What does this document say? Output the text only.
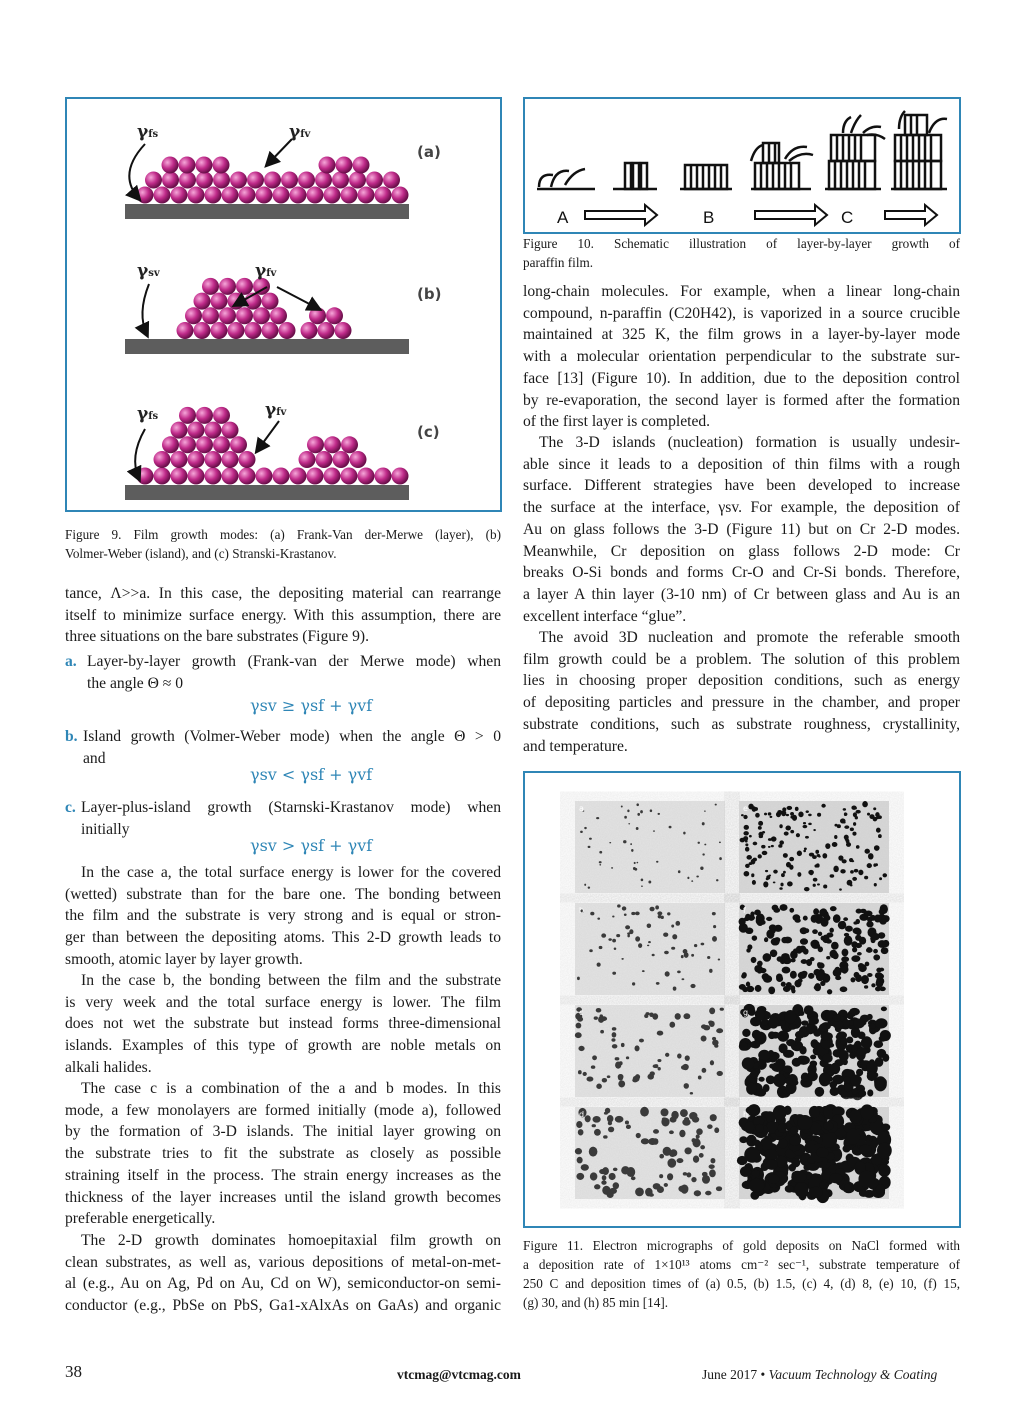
γfs	γfv
(a)
γsv	γfv
(b)
γfs	γfv
(c)
Figure 9. Film growth modes: (a) Frank-Van der-Merwe (layer), (b)
Volmer-Weber (island), and (c) Stranski-Krastanov.
tance, Λ>>a. In this case, the depositing material can rearrange
itself to minimize surface energy. With this assumption, there are
three situations on the bare substrates (Figure 9).
a. Layer-by-layer growth (Frank-van der Merwe mode) when
the angle Θ ≈ 0
γsv ≥ γsf + γvf
b. Island growth (Volmer-Weber mode) when the angle Θ > 0
and
γsv < γsf + γvf
c. Layer-plus-island growth (Starnski-Krastanov mode) when
initially
γsv > γsf + γvf
In the case a, the total surface energy is lower for the covered
(wetted) substrate than for the bare one. The bonding between
the film and the substrate is very strong and is equal or stron-
ger than between the depositing atoms. This 2-D growth leads to
smooth, atomic layer by layer growth.
In the case b, the bonding between the film and the substrate
is very week and the total surface energy is lower. The film
does not wet the substrate but instead forms three-dimensional
islands. Examples of this type of growth are noble metals on
alkali halides.
The case c is a combination of the a and b modes. In this
mode, a few monolayers are formed initially (mode a), followed
by the formation of 3-D islands. The initial layer growing on
the substrate tries to fit the substrate as closely as possible
straining itself in the process. The strain energy increases as the
thickness of the layer increases until the island growth becomes
preferable energetically.
The 2-D growth dominates homoepitaxial film growth on
clean substrates, as well as, various depositions of metal-on-met-
al (e.g., Au on Ag, Pd on Au, Cd on W), semiconductor-on semi-
conductor (e.g., PbSe on PbS, Ga1-xAlxAs on GaAs) and organic
A	B	C
Figure 10. Schematic illustration of layer-by-layer growth of
paraffin film.
long-chain molecules. For example, when a linear long-chain
compound, n-paraffin (C20H42), is vaporized in a source crucible
maintained at 325 K, the film grows in a layer-by-layer mode
with a molecular orientation perpendicular to the substrate sur-
face [13] (Figure 10). In addition, due to the deposition control
by re-evaporation, the second layer is formed after the formation
of the first layer is completed.
The 3-D islands (nucleation) formation is usually undesir-
able since it leads to a deposition of thin films with a rough
surface. Different strategies have been developed to increase
the surface at the interface, γsv. For example, the deposition of
Au on glass follows the 3-D (Figure 11) but on Cr 2-D modes.
Meanwhile, Cr deposition on glass follows 2-D mode: Cr
breaks O-Si bonds and forms Cr-O and Cr-Si bonds. Therefore,
a layer A thin layer (3-10 nm) of Cr between glass and Au is an
excellent interface “glue”.
The avoid 3D nucleation and promote the referable smooth
film growth could be a problem. The solution of this problem
lies in choosing proper deposition conditions, such as energy
of depositing particles and pressure in the chamber, and proper
substrate conditions, such as substrate roughness, crystallinity,
and temperature.
a
b
c
d
e
f
g
h
Figure 11. Electron micrographs of gold deposits on NaCl formed with
a deposition rate of 1×10¹³ atoms cm⁻² sec⁻¹, substrate temperature of
250 C and deposition times of (a) 0.5, (b) 1.5, (c) 4, (d) 8, (e) 10, (f) 15,
(g) 30, and (h) 85 min [14].
38	vtcmag@vtcmag.com	June 2017 • Vacuum Technology & Coating
